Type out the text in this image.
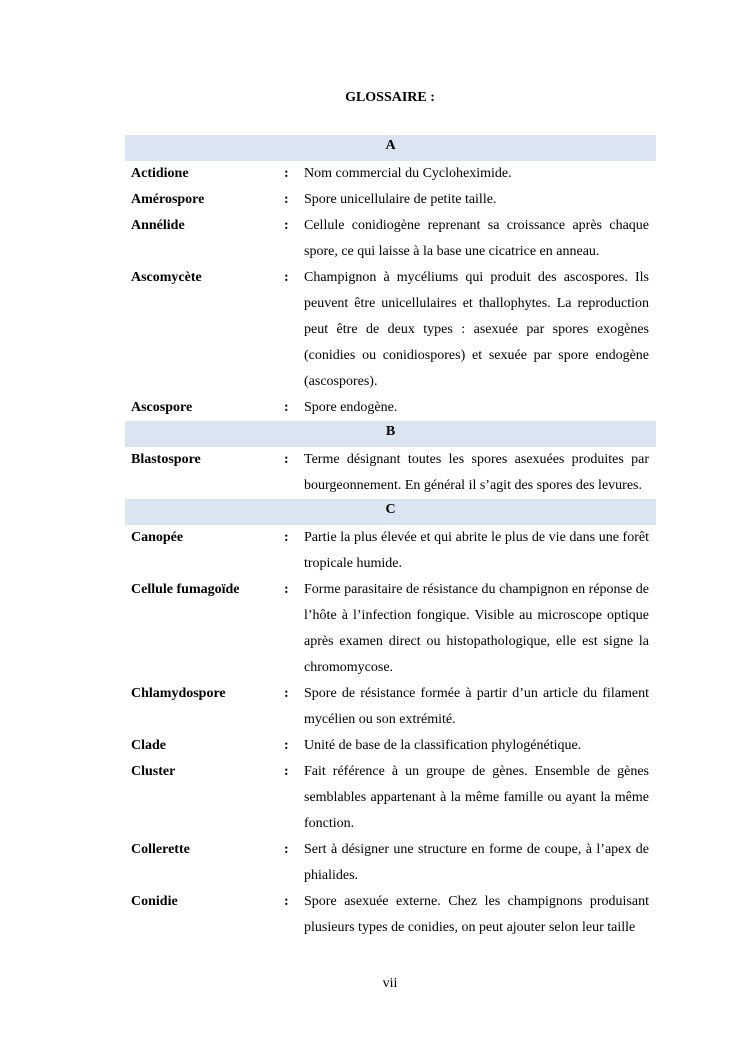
GLOSSAIRE :
A
Actidione	:	Nom commercial du Cycloheximide.
Amérospore	:	Spore unicellulaire de petite taille.
Annélide	:	Cellule conidiogène reprenant sa croissance après chaque spore, ce qui laisse à la base une cicatrice en anneau.
Ascomycète	:	Champignon à mycéliums qui produit des ascospores. Ils peuvent être unicellulaires et thallophytes. La reproduction peut être de deux types : asexuée par spores exogènes (conidies ou conidiospores) et sexuée par spore endogène (ascospores).
Ascospore	:	Spore endogène.
B
Blastospore	:	Terme désignant toutes les spores asexuées produites par bourgeonnement. En général il s’agit des spores des levures.
C
Canopée	:	Partie la plus élevée et qui abrite le plus de vie dans une forêt tropicale humide.
Cellule fumagoïde	:	Forme parasitaire de résistance du champignon en réponse de l’hôte à l’infection fongique. Visible au microscope optique après examen direct ou histopathologique, elle est signe la chromomycose.
Chlamydospore	:	Spore de résistance formée à partir d’un article du filament mycélien ou son extrémité.
Clade	:	Unité de base de la classification phylogénétique.
Cluster	:	Fait référence à un groupe de gènes. Ensemble de gènes semblables appartenant à la même famille ou ayant la même fonction.
Collerette	:	Sert à désigner une structure en forme de coupe, à l’apex de phialides.
Conidie	:	Spore asexuée externe. Chez les champignons produisant plusieurs types de conidies, on peut ajouter selon leur taille
vii
